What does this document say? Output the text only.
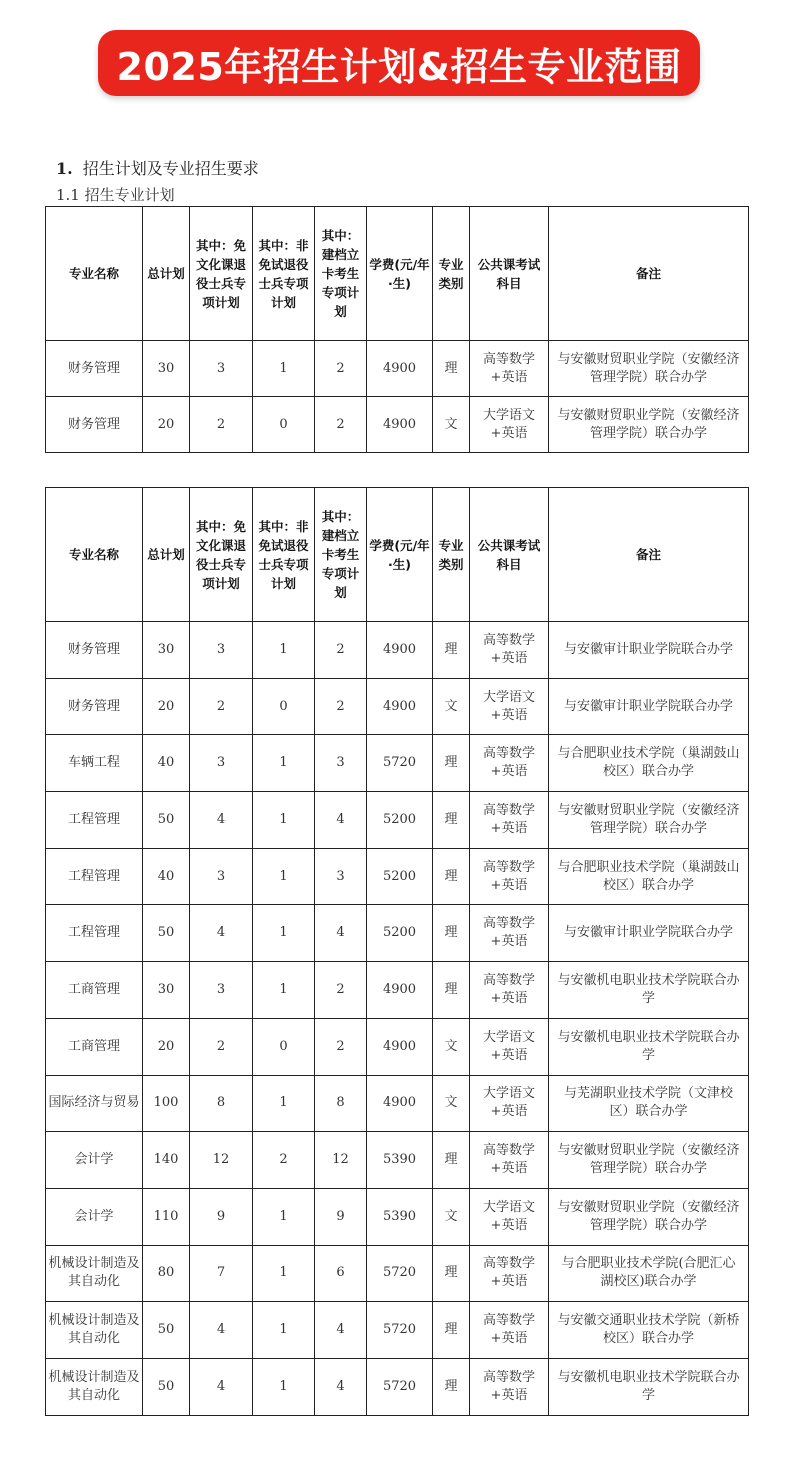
2025年招生计划&招生专业范围
1. 招生计划及专业招生要求
1.1 招生专业计划
专业名称	总计划	其中：免文化课退役士兵专项计划	其中：非免试退役士兵专项计划	其中：建档立卡考生专项计划	学费(元/年·生)	专业类别	公共课考试科目	备注
财务管理	30	3	1	2	4900	理	高等数学+英语	与安徽财贸职业学院（安徽经济管理学院）联合办学
财务管理	20	2	0	2	4900	文	大学语文+英语	与安徽财贸职业学院（安徽经济管理学院）联合办学
专业名称	总计划	其中：免文化课退役士兵专项计划	其中：非免试退役士兵专项计划	其中：建档立卡考生专项计划	学费(元/年·生)	专业类别	公共课考试科目	备注
财务管理	30	3	1	2	4900	理	高等数学+英语	与安徽审计职业学院联合办学
财务管理	20	2	0	2	4900	文	大学语文+英语	与安徽审计职业学院联合办学
车辆工程	40	3	1	3	5720	理	高等数学+英语	与合肥职业技术学院（巢湖鼓山校区）联合办学
工程管理	50	4	1	4	5200	理	高等数学+英语	与安徽财贸职业学院（安徽经济管理学院）联合办学
工程管理	40	3	1	3	5200	理	高等数学+英语	与合肥职业技术学院（巢湖鼓山校区）联合办学
工程管理	50	4	1	4	5200	理	高等数学+英语	与安徽审计职业学院联合办学
工商管理	30	3	1	2	4900	理	高等数学+英语	与安徽机电职业技术学院联合办学
工商管理	20	2	0	2	4900	文	大学语文+英语	与安徽机电职业技术学院联合办学
国际经济与贸易	100	8	1	8	4900	文	大学语文+英语	与芜湖职业技术学院（文津校区）联合办学
会计学	140	12	2	12	5390	理	高等数学+英语	与安徽财贸职业学院（安徽经济管理学院）联合办学
会计学	110	9	1	9	5390	文	大学语文+英语	与安徽财贸职业学院（安徽经济管理学院）联合办学
机械设计制造及其自动化	80	7	1	6	5720	理	高等数学+英语	与合肥职业技术学院(合肥汇心湖校区)联合办学
机械设计制造及其自动化	50	4	1	4	5720	理	高等数学+英语	与安徽交通职业技术学院（新桥校区）联合办学
机械设计制造及其自动化	50	4	1	4	5720	理	高等数学+英语	与安徽机电职业技术学院联合办学
